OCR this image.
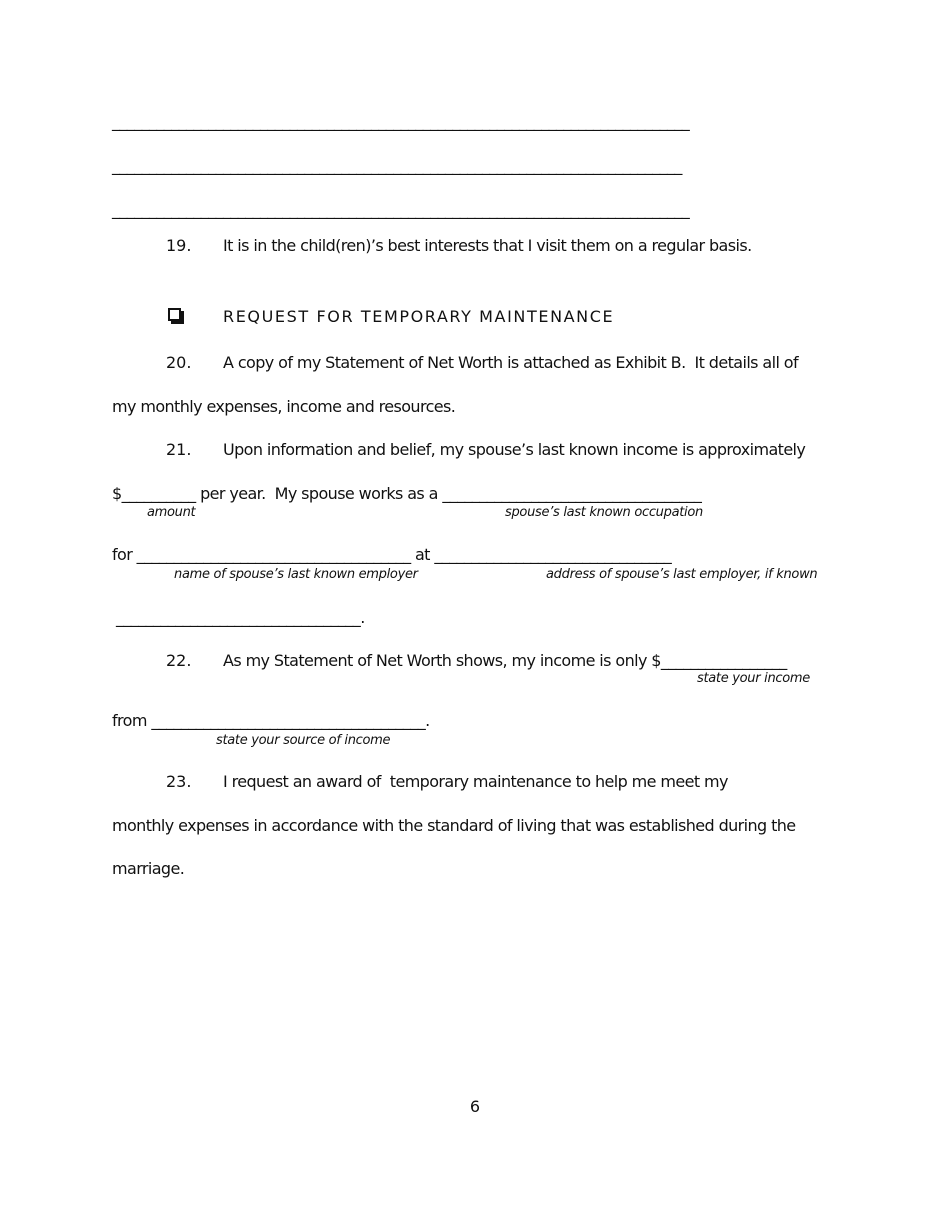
______________________________________________________________________________
_____________________________________________________________________________
______________________________________________________________________________
19. It is in the child(ren)’s best interests that I visit them on a regular basis.
REQUEST FOR TEMPORARY MAINTENANCE
20. A copy of my Statement of Net Worth is attached as Exhibit B.  It details all of
my monthly expenses, income and resources.
21. Upon information and belief, my spouse’s last known income is approximately
$__________ per year.  My spouse works as a ___________________________________
amount	spouse’s last known occupation
for _____________________________________ at ________________________________
name of spouse’s last known employer	address of spouse’s last employer, if known
_________________________________.
22. As my Statement of Net Worth shows, my income is only $_________________
state your income
from _____________________________________.
state your source of income
23. I request an award of  temporary maintenance to help me meet my
monthly expenses in accordance with the standard of living that was established during the
marriage.
6
